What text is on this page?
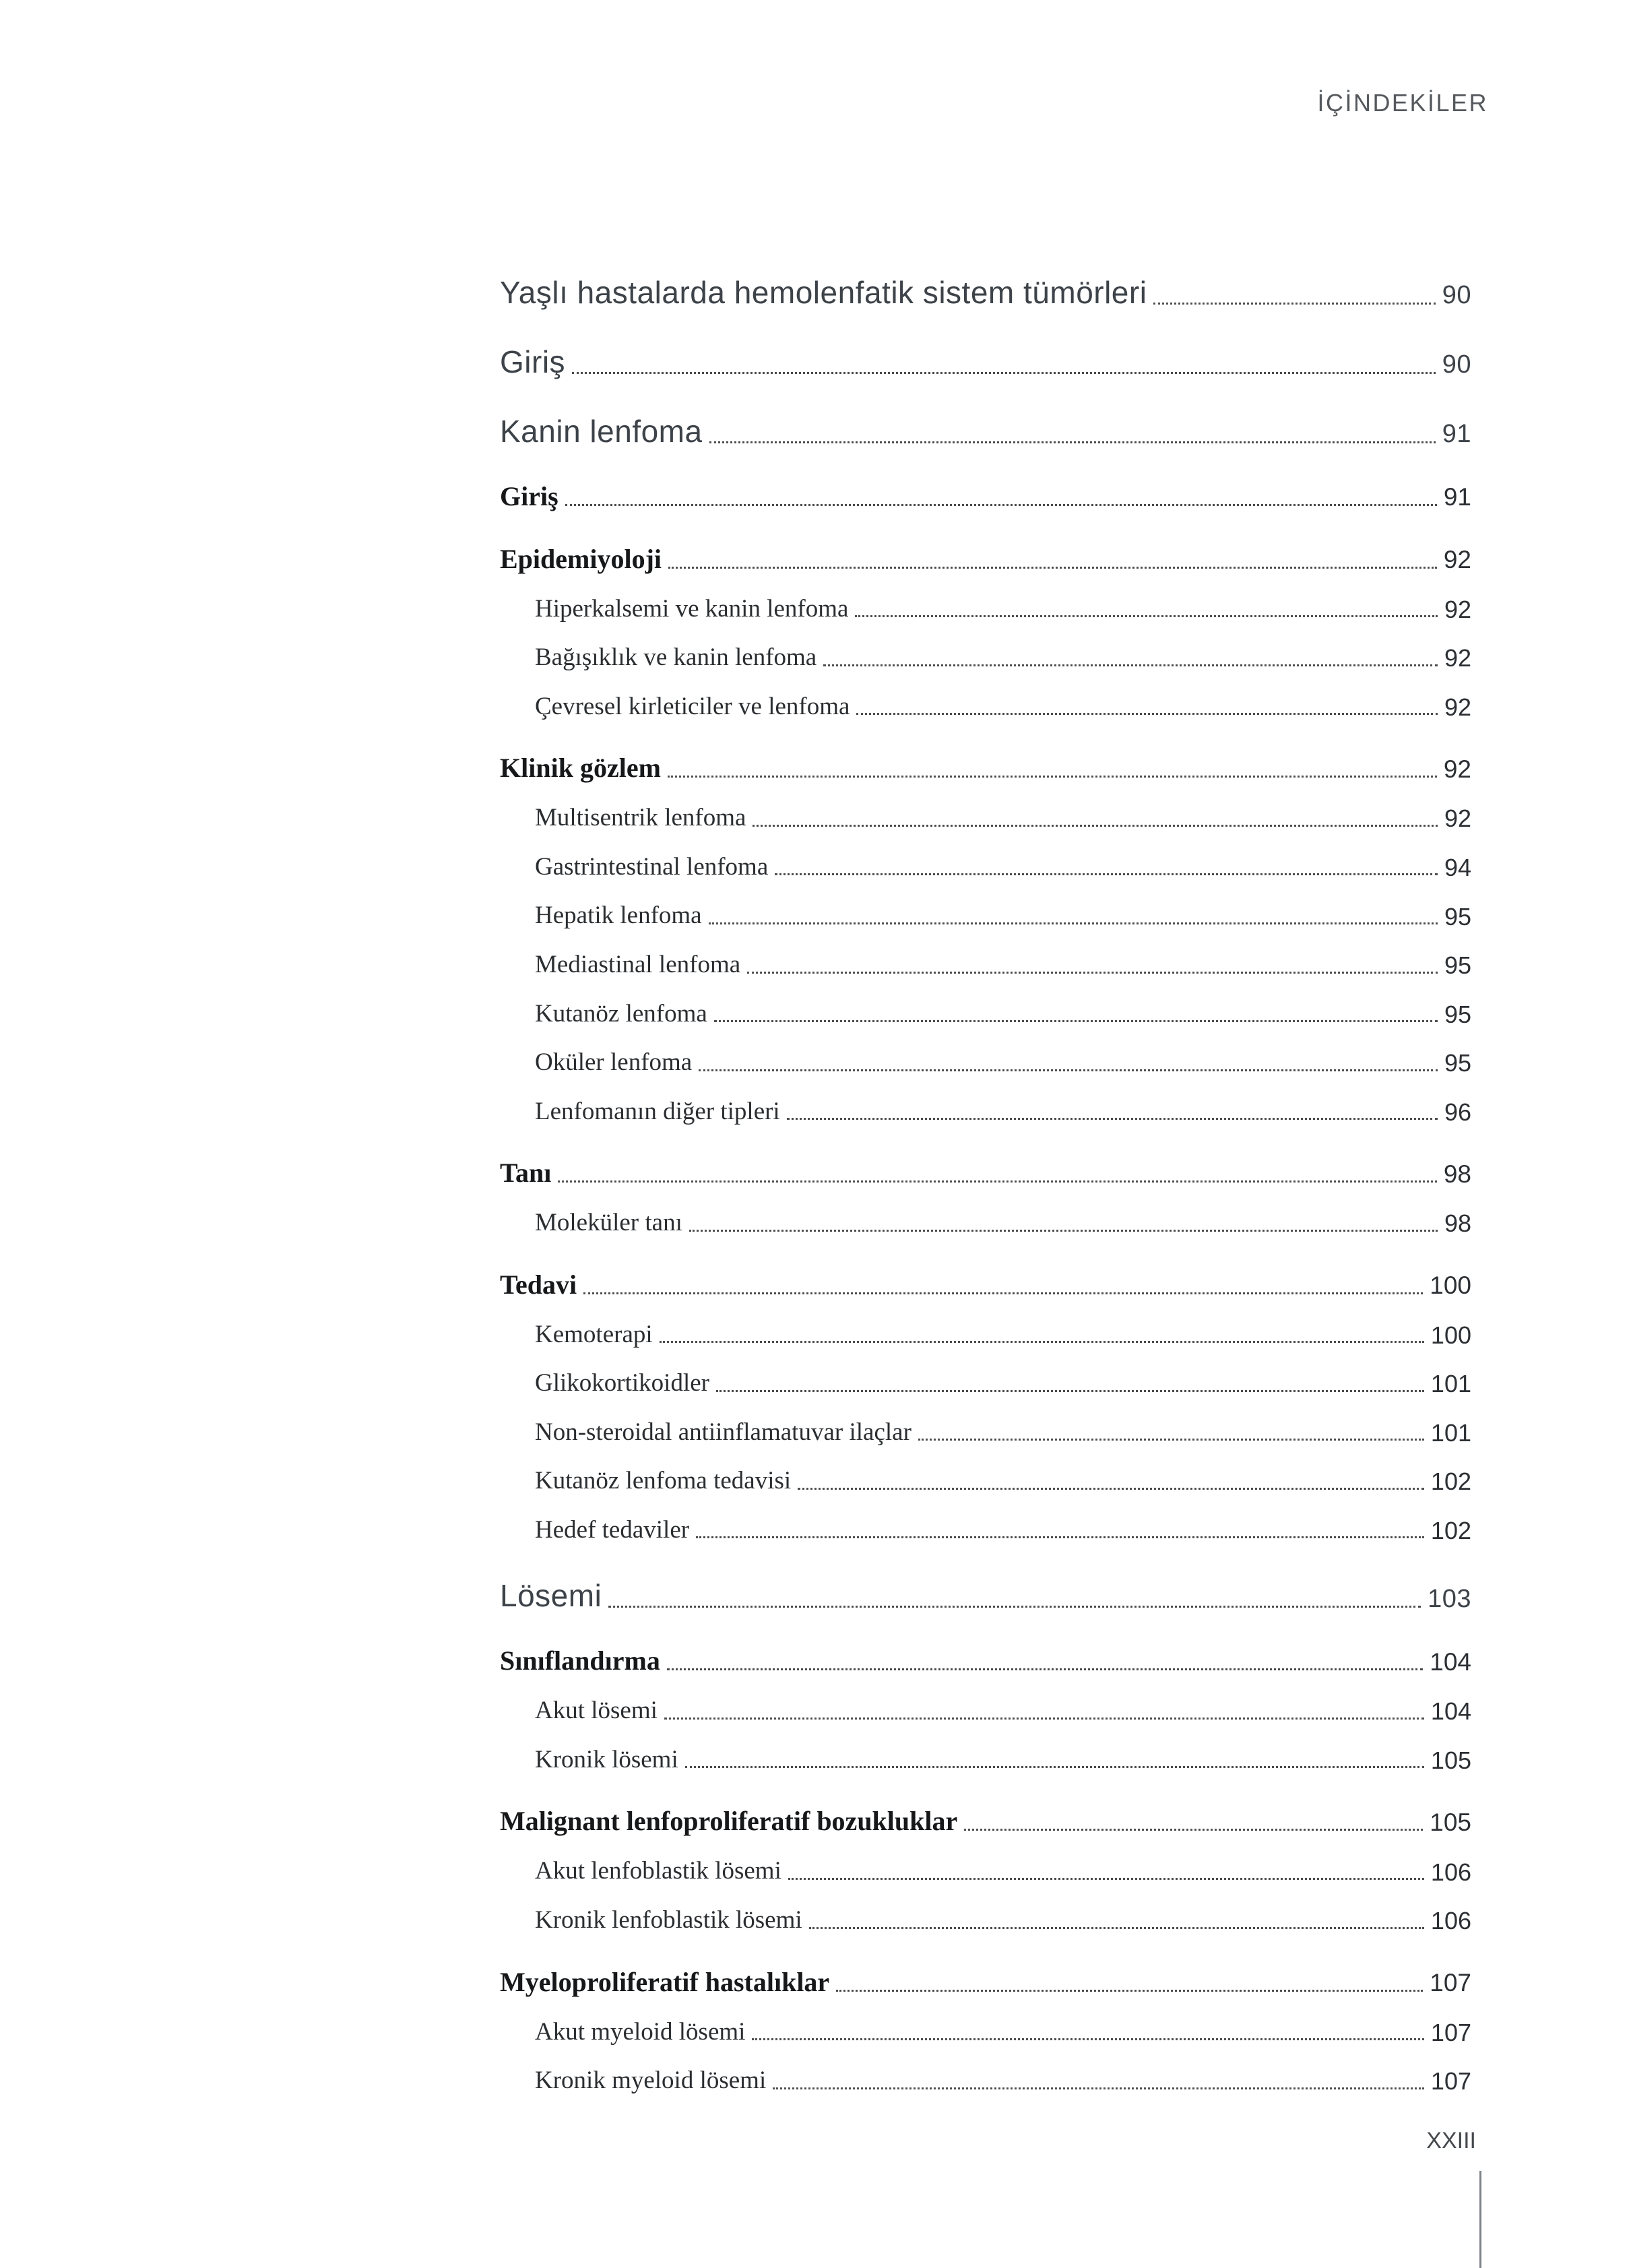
İÇİNDEKİLER
Yaşlı hastalarda hemolenfatik sistem tümörleri	90
Giriş	90
Kanin lenfoma	91
Giriş	91
Epidemiyoloji	92
Hiperkalsemi ve kanin lenfoma	92
Bağışıklık ve kanin lenfoma	92
Çevresel kirleticiler ve lenfoma	92
Klinik gözlem	92
Multisentrik lenfoma	92
Gastrintestinal lenfoma	94
Hepatik lenfoma	95
Mediastinal lenfoma	95
Kutanöz lenfoma	95
Oküler lenfoma	95
Lenfomanın diğer tipleri	96
Tanı	98
Moleküler tanı	98
Tedavi	100
Kemoterapi	100
Glikokortikoidler	101
Non-steroidal antiinflamatuvar ilaçlar	101
Kutanöz lenfoma tedavisi	102
Hedef tedaviler	102
Lösemi	103
Sınıflandırma	104
Akut lösemi	104
Kronik lösemi	105
Malignant lenfoproliferatif bozukluklar	105
Akut lenfoblastik lösemi	106
Kronik lenfoblastik lösemi	106
Myeloproliferatif hastalıklar	107
Akut myeloid lösemi	107
Kronik myeloid lösemi	107
XXIII
